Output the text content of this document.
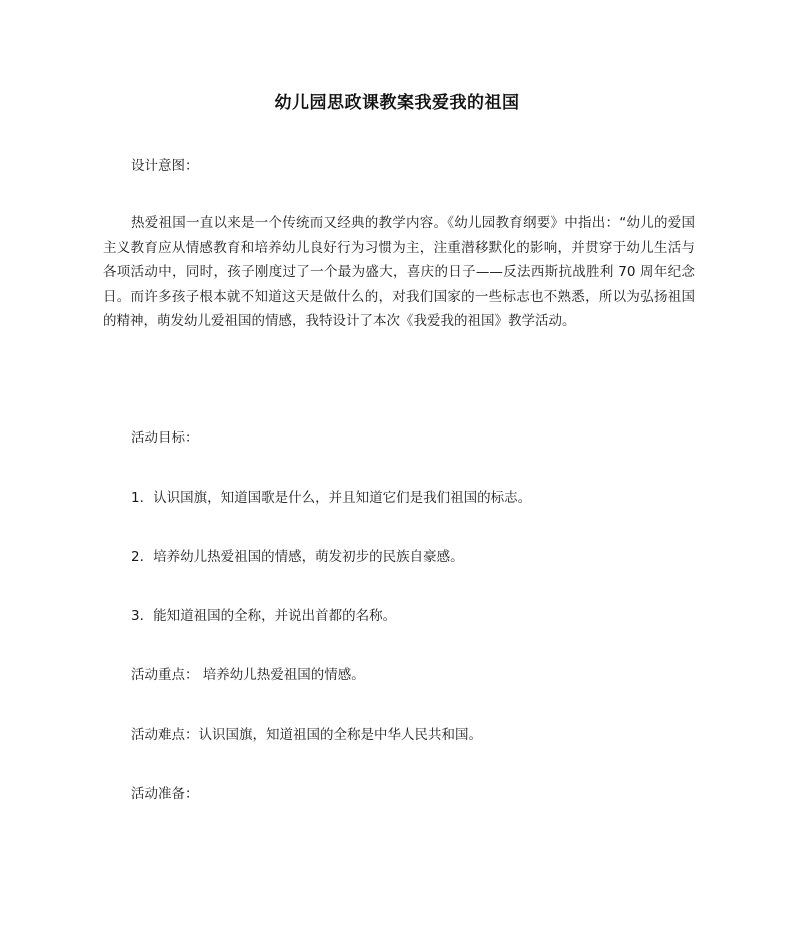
幼儿园思政课教案我爱我的祖国
设计意图：
热爱祖国一直以来是一个传统而又经典的教学内容。《幼儿园教育纲要》中指出：“幼儿的爱国主义教育应从情感教育和培养幼儿良好行为习惯为主，注重潜移默化的影响，并贯穿于幼儿生活与各项活动中，同时，孩子刚度过了一个最为盛大，喜庆的日子——反法西斯抗战胜利 70 周年纪念日。而许多孩子根本就不知道这天是做什么的，对我们国家的一些标志也不熟悉，所以为弘扬祖国的精神，萌发幼儿爱祖国的情感，我特设计了本次《我爱我的祖国》教学活动。
活动目标：
1．认识国旗，知道国歌是什么，并且知道它们是我们祖国的标志。
2．培养幼儿热爱祖国的情感，萌发初步的民族自豪感。
3．能知道祖国的全称，并说出首都的名称。
活动重点： 培养幼儿热爱祖国的情感。
活动难点：认识国旗，知道祖国的全称是中华人民共和国。
活动准备：
